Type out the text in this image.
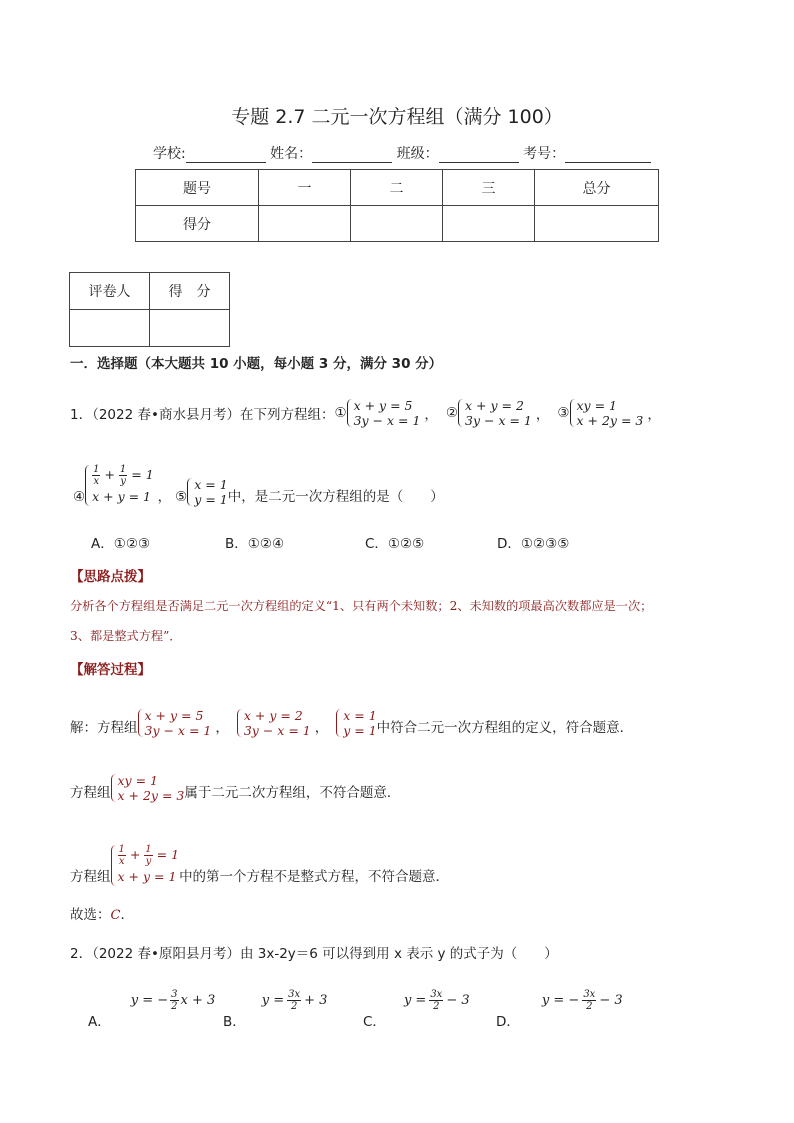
专题 2.7 二元一次方程组（满分 100）
学校:	姓名：	班级：	考号：
题号	一	二	三	总分
得分				
评卷人	得　分

一．选择题（本大题共 10 小题，每小题 3 分，满分 30 分）
1．（2022 春•商水县月考）在下列方程组： ① x + y = 5
3y − x = 1 ， ② x + y = 2
3y − x = 1 ， ③ xy = 1
x + 2y = 3 ，
④
$\frac{1}{x} + \frac{1}{y} = 1$
x + y = 1 ， ⑤
x = 1
y = 1 中，是二元一次方程组的是（　　）
A．①②③	B．①②④	C．①②⑤	D．①②③⑤
【思路点拨】
分析各个方程组是否满足二元一次方程组的定义“1、只有两个未知数；2、未知数的项最高次数都应是一次；
3、都是整式方程”．
【解答过程】
解：方程组
x + y = 5
3y − x = 1 ，
x + y = 2
3y − x = 1 ，
x = 1
y = 1 中符合二元一次方程组的定义，符合题意．
方程组
xy = 1
x + 2y = 3 属于二元二次方程组，不符合题意．
方程组
$\frac{1}{x} + \frac{1}{y} = 1$
x + y = 1 中的第一个方程不是整式方程，不符合题意．
故选：C．
2．（2022 春•原阳县月考）由 3x-2y＝6 可以得到用 x 表示 y 的式子为（　　）
A．
y = − $\frac{3}{2}$ x + 3
B．
$y = \frac{3x}{2} + 3$
C．
$y = \frac{3x}{2} - 3$
D．
y = − $\frac{3x}{2} - 3$
